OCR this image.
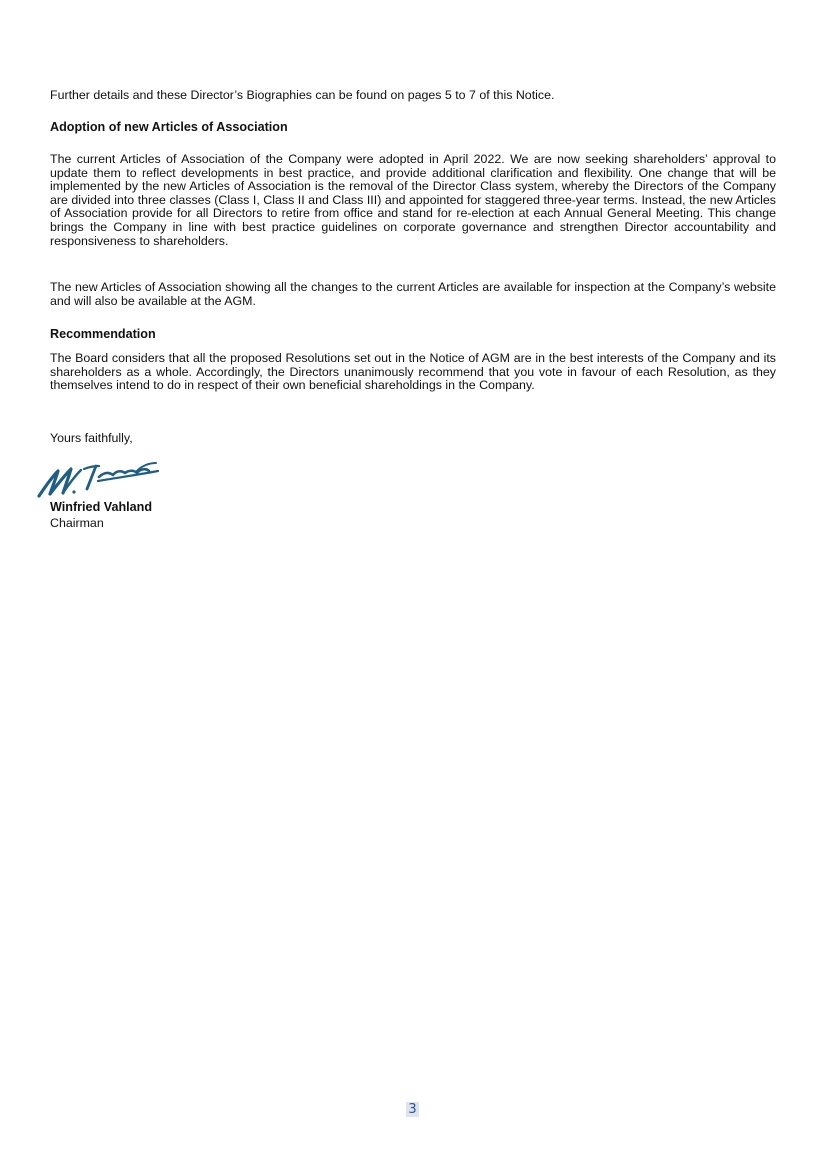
Further details and these Director’s Biographies can be found on pages 5 to 7 of this Notice.

Adoption of new Articles of Association

The current Articles of Association of the Company were adopted in April 2022. We are now seeking shareholders’ approval to update them to reflect developments in best practice, and provide additional clarification and flexibility. One change that will be implemented by the new Articles of Association is the removal of the Director Class system, whereby the Directors of the Company are divided into three classes (Class I, Class II and Class III) and appointed for staggered three-year terms. Instead, the new Articles of Association provide for all Directors to retire from office and stand for re-election at each Annual General Meeting. This change brings the Company in line with best practice guidelines on corporate governance and strengthen Director accountability and responsiveness to shareholders.

The new Articles of Association showing all the changes to the current Articles are available for inspection at the Company’s website and will also be available at the AGM.

Recommendation

The Board considers that all the proposed Resolutions set out in the Notice of AGM are in the best interests of the Company and its shareholders as a whole. Accordingly, the Directors unanimously recommend that you vote in favour of each Resolution, as they themselves intend to do in respect of their own beneficial shareholdings in the Company.

Yours faithfully,
Winfried Vahland
Chairman
3
